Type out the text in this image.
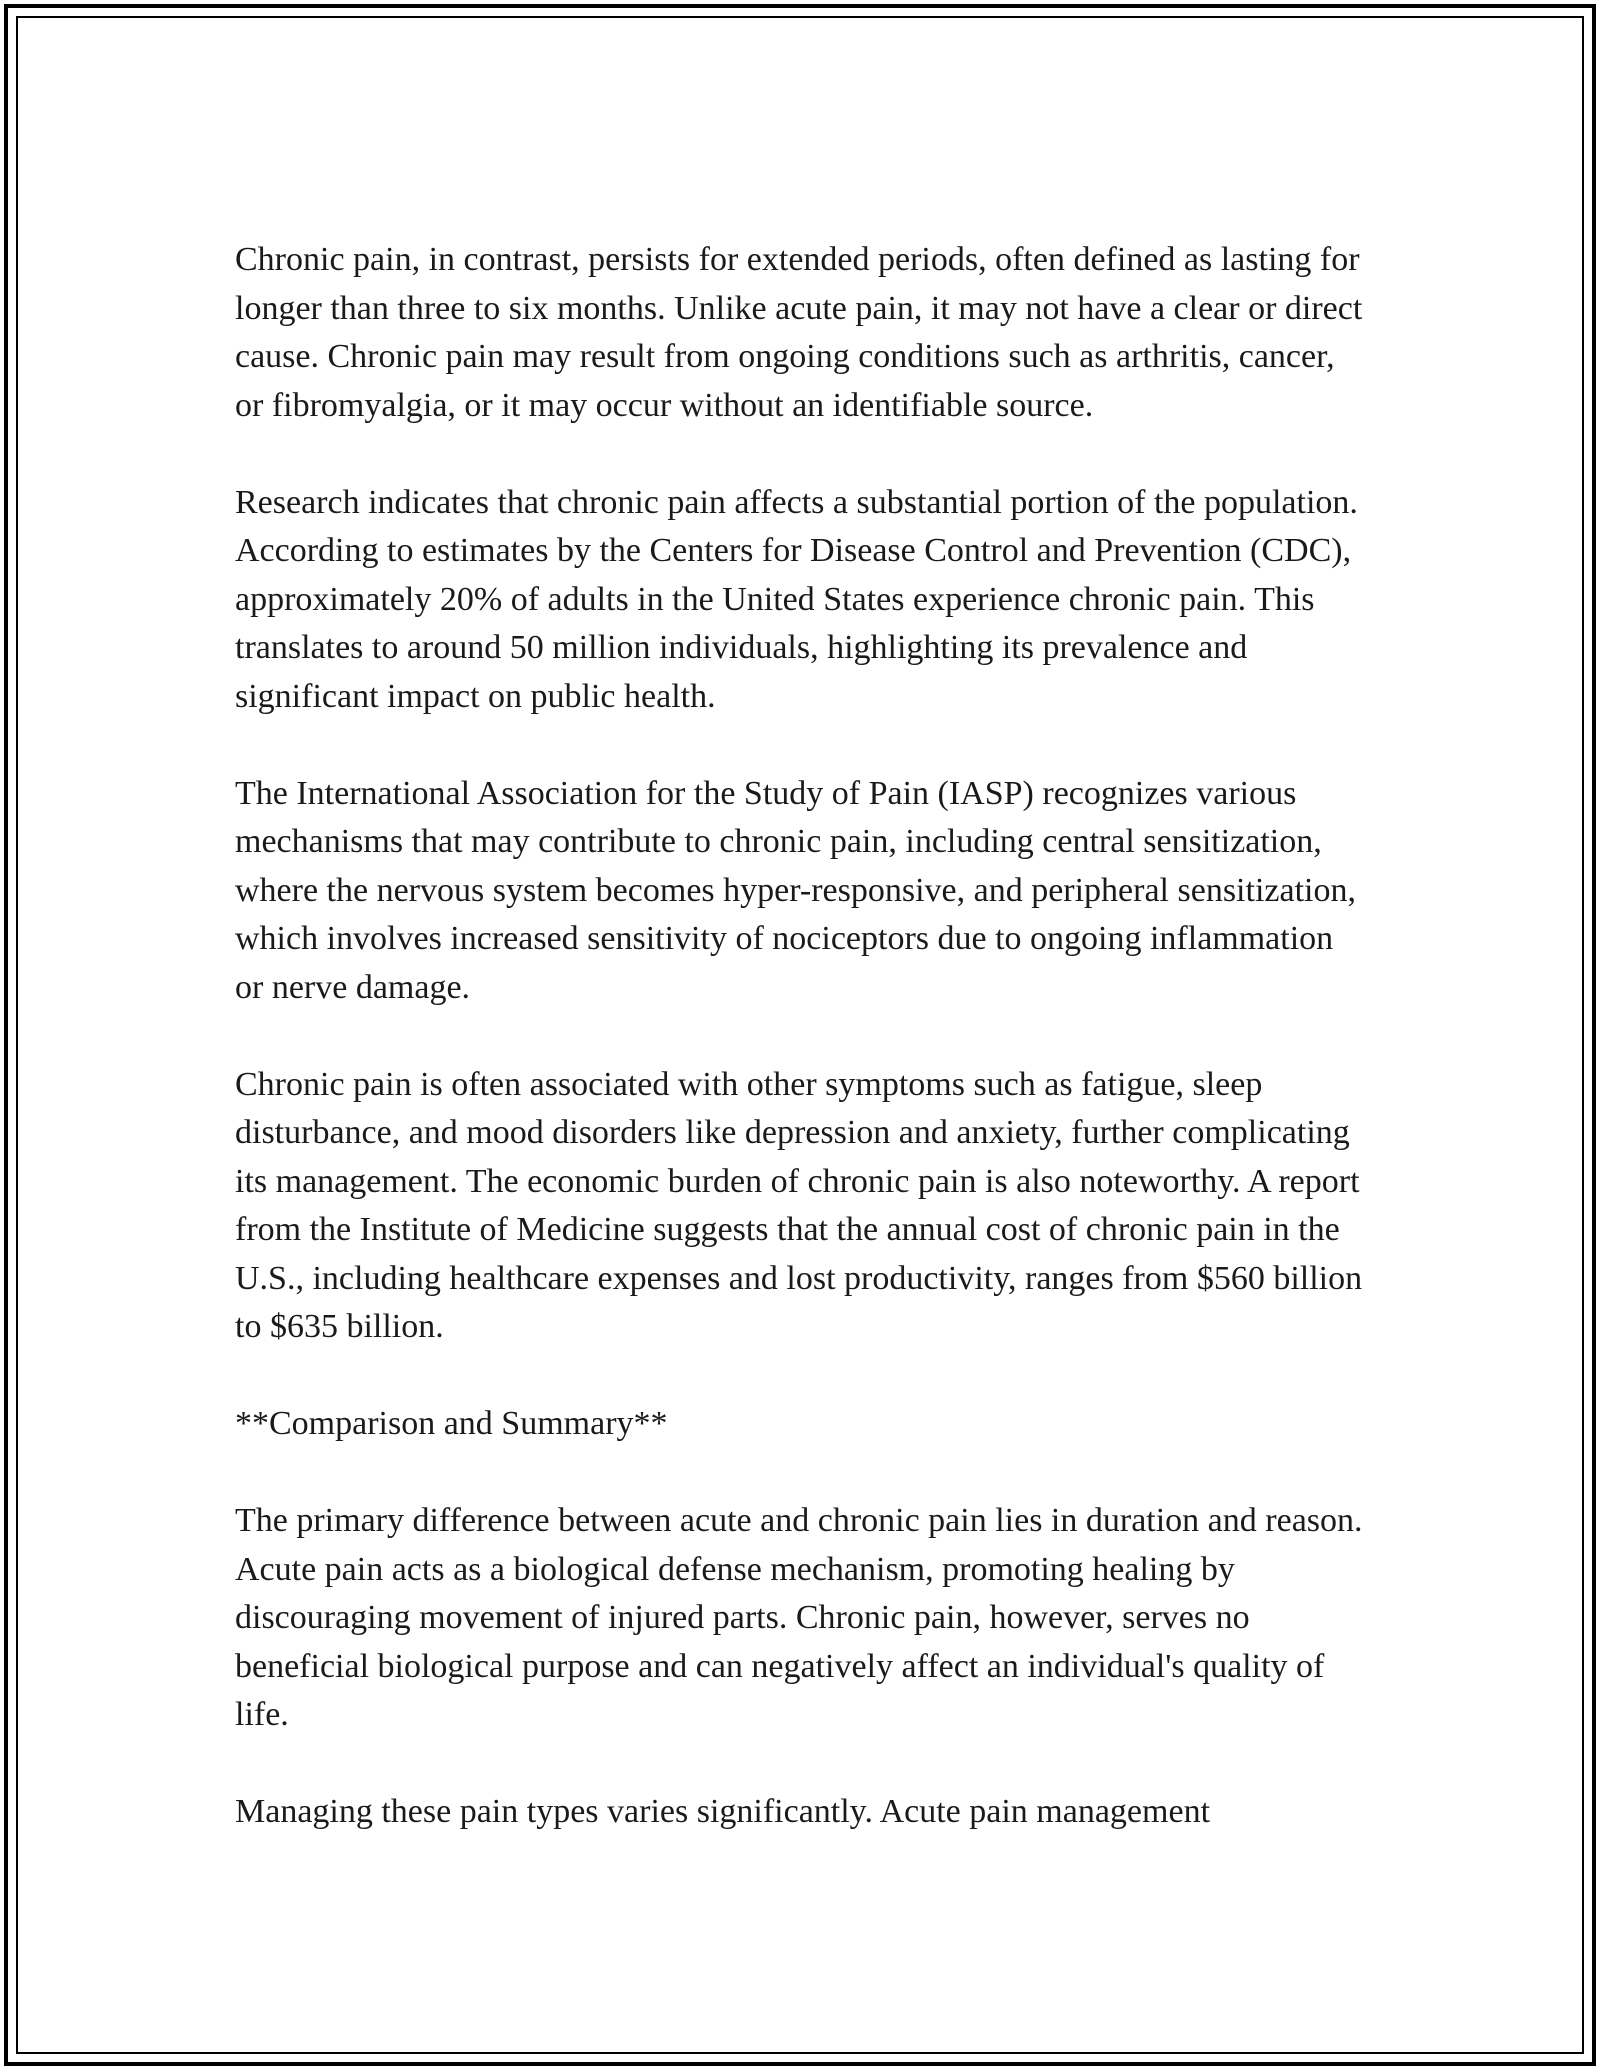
Chronic pain, in contrast, persists for extended periods, often defined as lasting for longer than three to six months. Unlike acute pain, it may not have a clear or direct cause. Chronic pain may result from ongoing conditions such as arthritis, cancer, or fibromyalgia, or it may occur without an identifiable source.

Research indicates that chronic pain affects a substantial portion of the population. According to estimates by the Centers for Disease Control and Prevention (CDC), approximately 20% of adults in the United States experience chronic pain. This translates to around 50 million individuals, highlighting its prevalence and significant impact on public health.

The International Association for the Study of Pain (IASP) recognizes various mechanisms that may contribute to chronic pain, including central sensitization, where the nervous system becomes hyper-responsive, and peripheral sensitization, which involves increased sensitivity of nociceptors due to ongoing inflammation or nerve damage.

Chronic pain is often associated with other symptoms such as fatigue, sleep disturbance, and mood disorders like depression and anxiety, further complicating its management. The economic burden of chronic pain is also noteworthy. A report from the Institute of Medicine suggests that the annual cost of chronic pain in the U.S., including healthcare expenses and lost productivity, ranges from $560 billion to $635 billion.

**Comparison and Summary**

The primary difference between acute and chronic pain lies in duration and reason. Acute pain acts as a biological defense mechanism, promoting healing by discouraging movement of injured parts. Chronic pain, however, serves no beneficial biological purpose and can negatively affect an individual's quality of life.

Managing these pain types varies significantly. Acute pain management
